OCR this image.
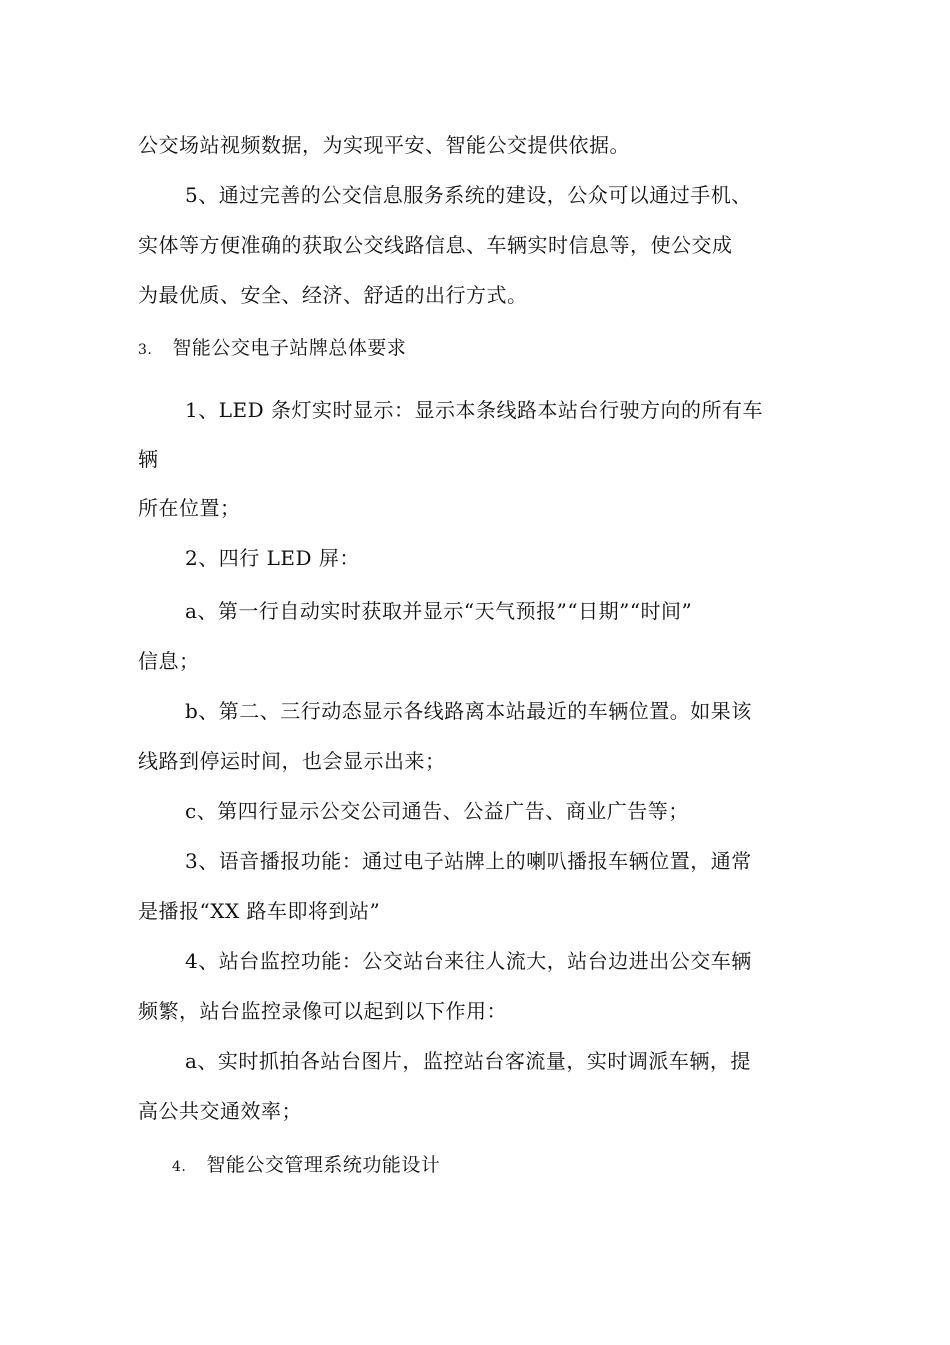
公交场站视频数据，为实现平安、智能公交提供依据。
5、通过完善的公交信息服务系统的建设，公众可以通过手机、
实体等方便准确的获取公交线路信息、车辆实时信息等，使公交成
为最优质、安全、经济、舒适的出行方式。
3. 智能公交电子站牌总体要求
1、LED 条灯实时显示：显示本条线路本站台行驶方向的所有车
辆
所在位置；
2、四行 LED 屏：
a、第一行自动实时获取并显示“天气预报”“日期”“时间”
信息；
b、第二、三行动态显示各线路离本站最近的车辆位置。如果该
线路到停运时间，也会显示出来；
c、第四行显示公交公司通告、公益广告、商业广告等；
3、语音播报功能：通过电子站牌上的喇叭播报车辆位置，通常
是播报“XX 路车即将到站”
4、站台监控功能：公交站台来往人流大，站台边进出公交车辆
频繁，站台监控录像可以起到以下作用：
a、实时抓拍各站台图片，监控站台客流量，实时调派车辆，提
高公共交通效率；
4. 智能公交管理系统功能设计
